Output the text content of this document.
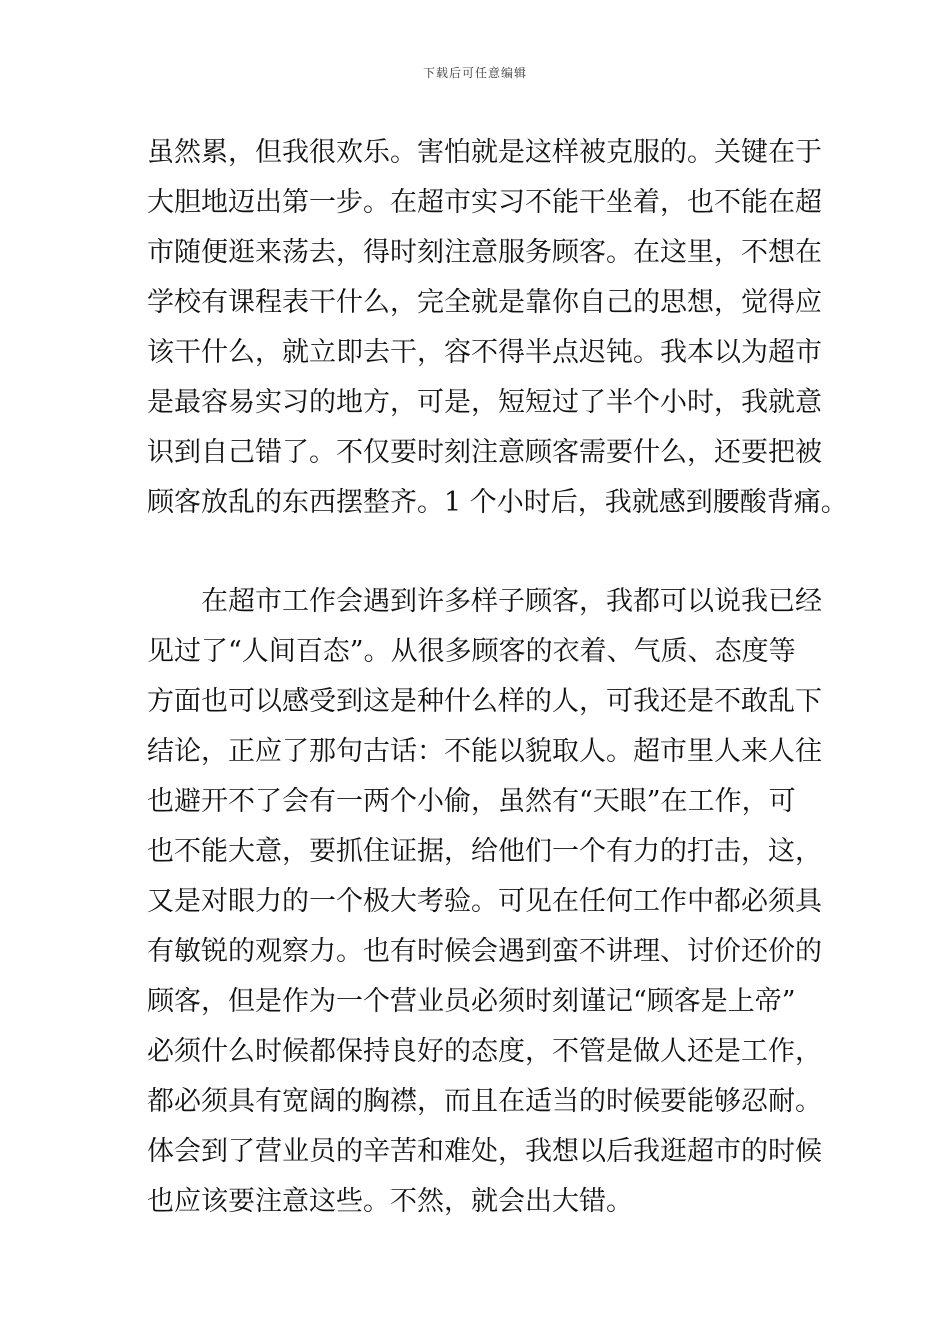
下载后可任意编辑
虽然累，但我很欢乐。害怕就是这样被克服的。关键在于
大胆地迈出第一步。在超市实习不能干坐着，也不能在超
市随便逛来荡去，得时刻注意服务顾客。在这里，不想在
学校有课程表干什么，完全就是靠你自己的思想，觉得应
该干什么，就立即去干，容不得半点迟钝。我本以为超市
是最容易实习的地方，可是，短短过了半个小时，我就意
识到自己错了。不仅要时刻注意顾客需要什么，还要把被
顾客放乱的东西摆整齐。1 个小时后，我就感到腰酸背痛。
　　在超市工作会遇到许多样子顾客，我都可以说我已经
见过了“人间百态”。从很多顾客的衣着、气质、态度等
方面也可以感受到这是种什么样的人，可我还是不敢乱下
结论，正应了那句古话：不能以貌取人。超市里人来人往
也避开不了会有一两个小偷，虽然有“天眼”在工作，可
也不能大意，要抓住证据，给他们一个有力的打击，这，
又是对眼力的一个极大考验。可见在任何工作中都必须具
有敏锐的观察力。也有时候会遇到蛮不讲理、讨价还价的
顾客，但是作为一个营业员必须时刻谨记“顾客是上帝”
必须什么时候都保持良好的态度，不管是做人还是工作，
都必须具有宽阔的胸襟，而且在适当的时候要能够忍耐。
体会到了营业员的辛苦和难处，我想以后我逛超市的时候
也应该要注意这些。不然，就会出大错。
